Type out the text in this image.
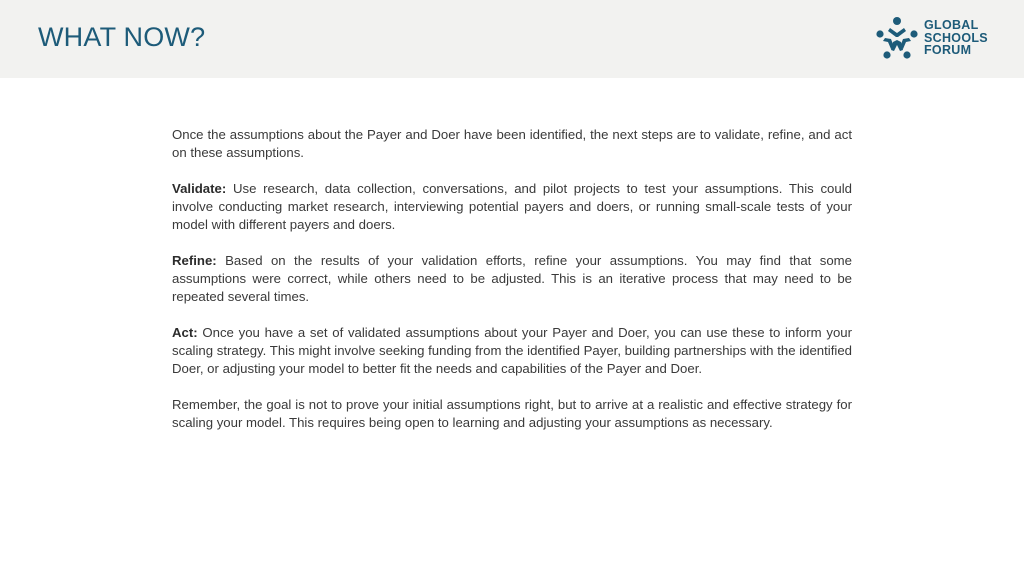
WHAT NOW?	GLOBAL
SCHOOLS
FORUM

Once the assumptions about the Payer and Doer have been identified, the next steps are to validate, refine, and act on these assumptions.

Validate: Use research, data collection, conversations, and pilot projects to test your assumptions. This could involve conducting market research, interviewing potential payers and doers, or running small-scale tests of your model with different payers and doers.

Refine: Based on the results of your validation efforts, refine your assumptions. You may find that some assumptions were correct, while others need to be adjusted. This is an iterative process that may need to be repeated several times.

Act: Once you have a set of validated assumptions about your Payer and Doer, you can use these to inform your scaling strategy. This might involve seeking funding from the identified Payer, building partnerships with the identified Doer, or adjusting your model to better fit the needs and capabilities of the Payer and Doer.

Remember, the goal is not to prove your initial assumptions right, but to arrive at a realistic and effective strategy for scaling your model. This requires being open to learning and adjusting your assumptions as necessary.
